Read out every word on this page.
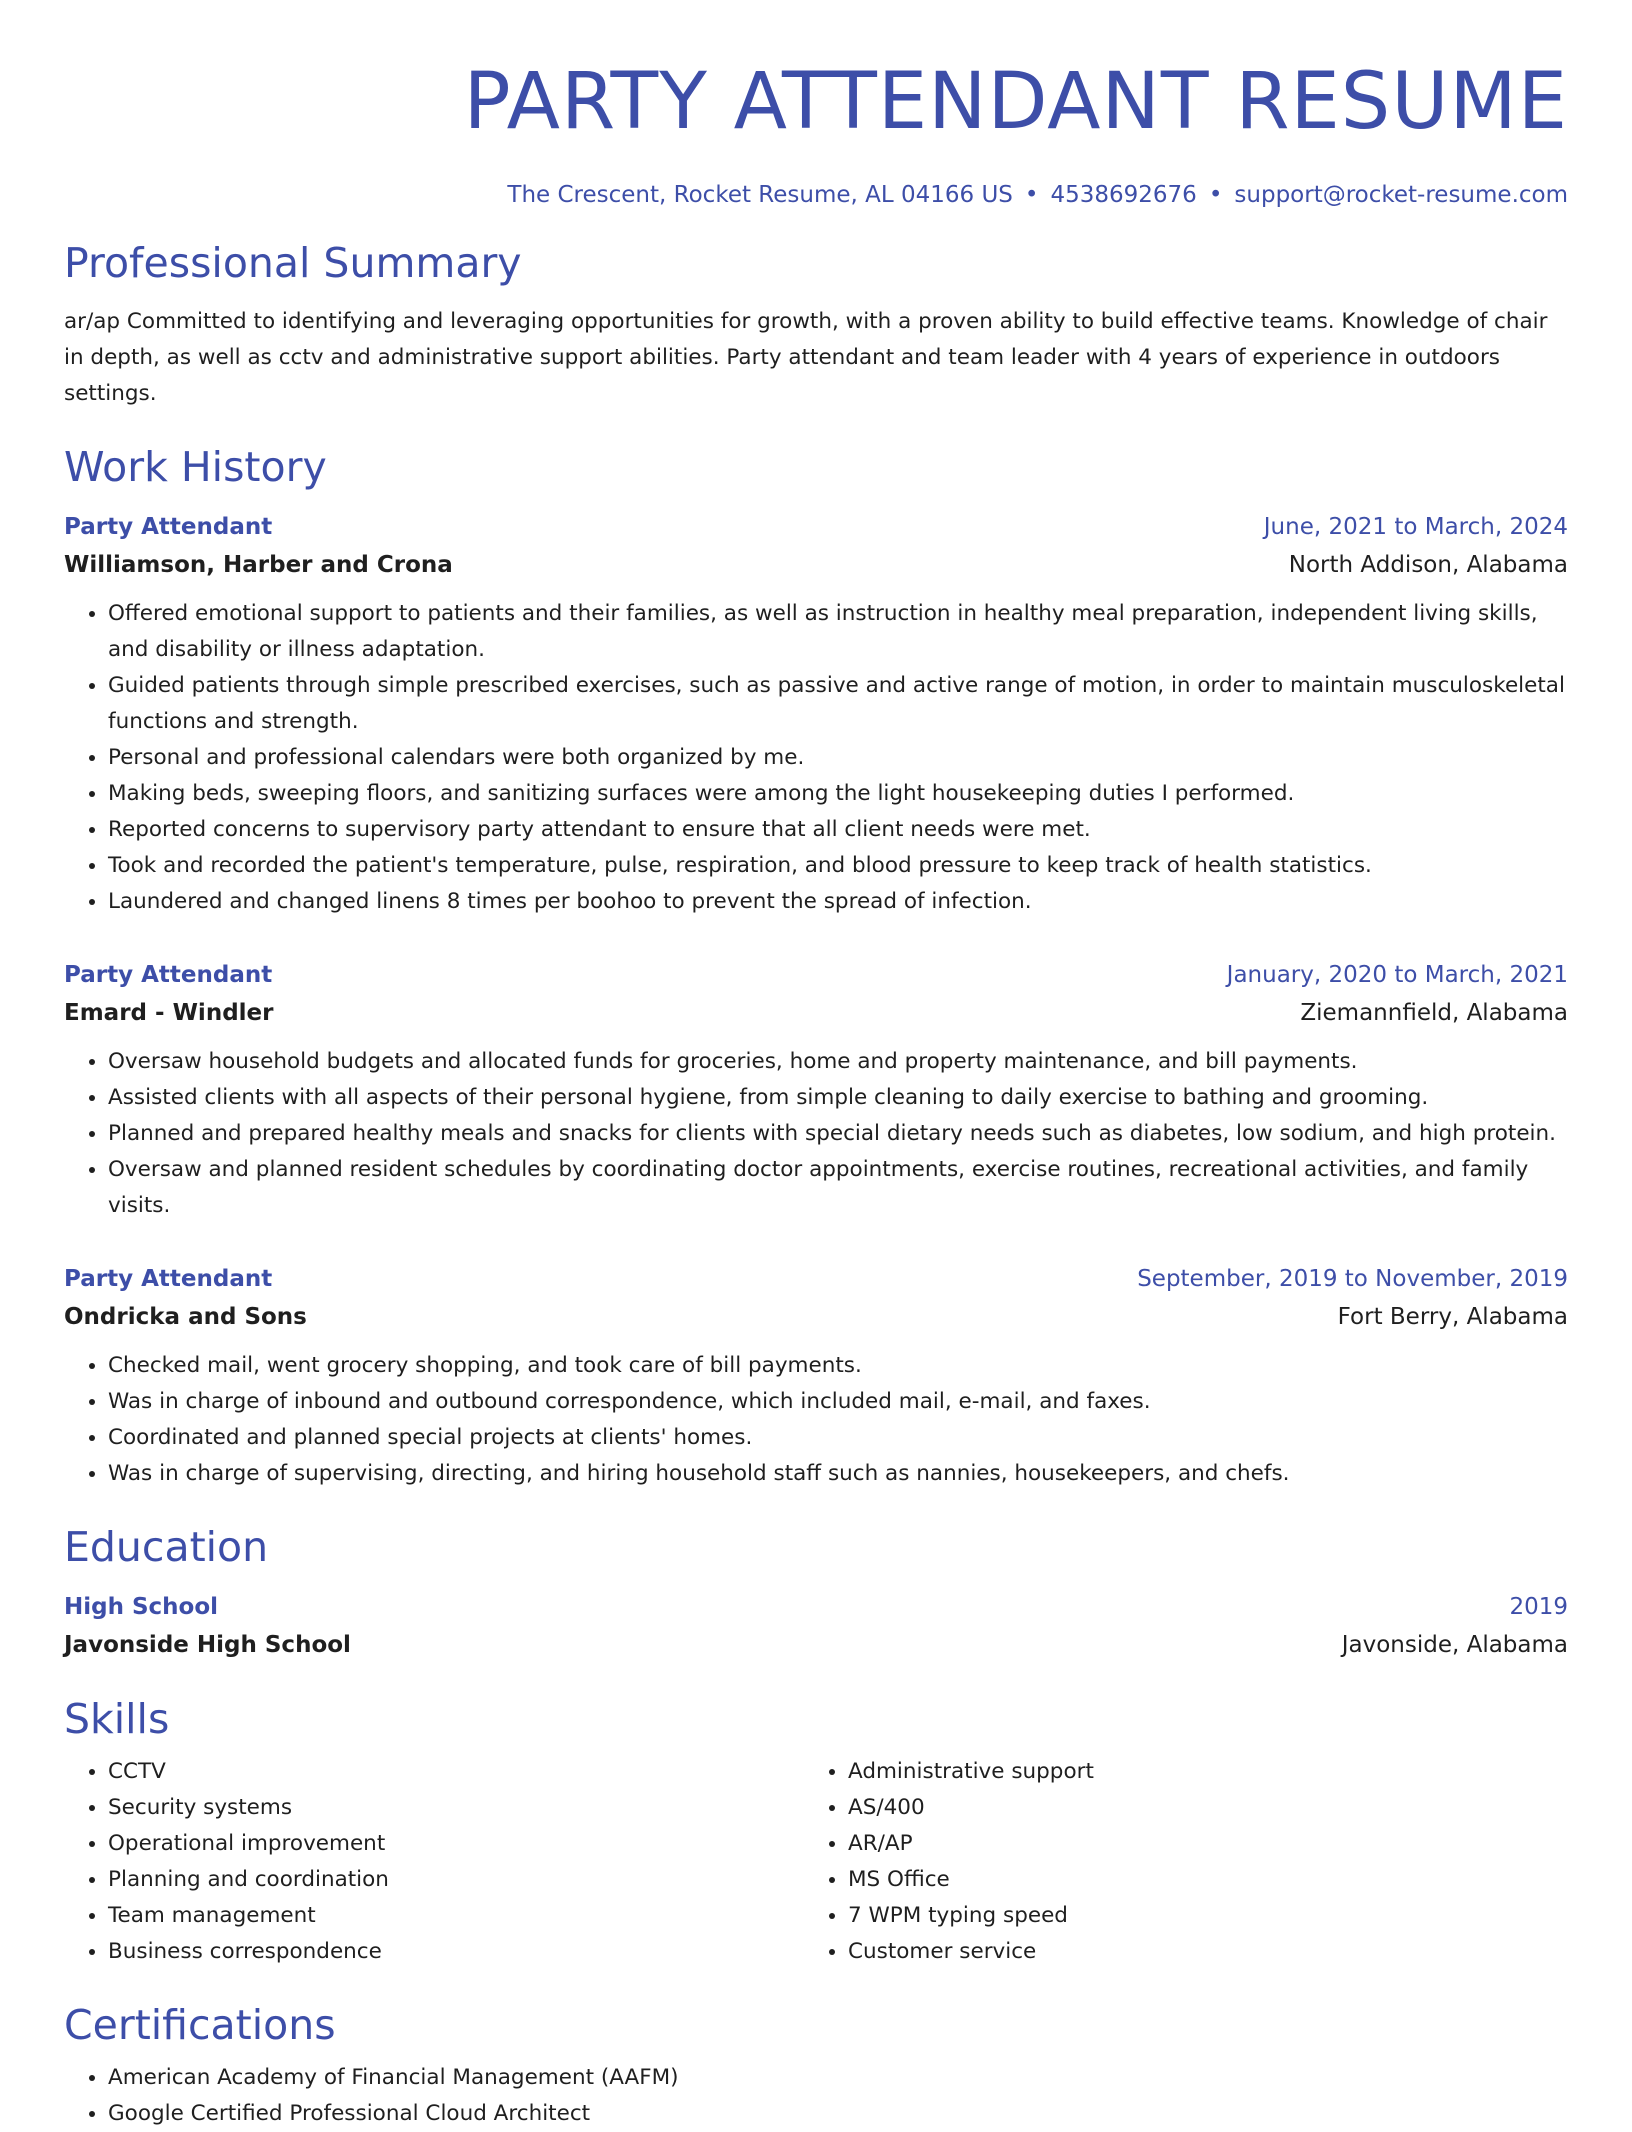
PARTY ATTENDANT RESUME
The Crescent, Rocket Resume, AL 04166 US • 4538692676 • support@rocket-resume.com
Professional Summary
ar/ap Committed to identifying and leveraging opportunities for growth, with a proven ability to build effective teams. Knowledge of chair in depth, as well as cctv and administrative support abilities. Party attendant and team leader with 4 years of experience in outdoors settings.
Work History
Party Attendant	June, 2021 to March, 2024
Williamson, Harber and Crona	North Addison, Alabama
• Offered emotional support to patients and their families, as well as instruction in healthy meal preparation, independent living skills, and disability or illness adaptation.
• Guided patients through simple prescribed exercises, such as passive and active range of motion, in order to maintain musculoskeletal functions and strength.
• Personal and professional calendars were both organized by me.
• Making beds, sweeping floors, and sanitizing surfaces were among the light housekeeping duties I performed.
• Reported concerns to supervisory party attendant to ensure that all client needs were met.
• Took and recorded the patient's temperature, pulse, respiration, and blood pressure to keep track of health statistics.
• Laundered and changed linens 8 times per boohoo to prevent the spread of infection.
Party Attendant	January, 2020 to March, 2021
Emard - Windler	Ziemannfield, Alabama
• Oversaw household budgets and allocated funds for groceries, home and property maintenance, and bill payments.
• Assisted clients with all aspects of their personal hygiene, from simple cleaning to daily exercise to bathing and grooming.
• Planned and prepared healthy meals and snacks for clients with special dietary needs such as diabetes, low sodium, and high protein.
• Oversaw and planned resident schedules by coordinating doctor appointments, exercise routines, recreational activities, and family visits.
Party Attendant	September, 2019 to November, 2019
Ondricka and Sons	Fort Berry, Alabama
• Checked mail, went grocery shopping, and took care of bill payments.
• Was in charge of inbound and outbound correspondence, which included mail, e-mail, and faxes.
• Coordinated and planned special projects at clients' homes.
• Was in charge of supervising, directing, and hiring household staff such as nannies, housekeepers, and chefs.
Education
High School	2019
Javonside High School	Javonside, Alabama
Skills
• CCTV
• Security systems
• Operational improvement
• Planning and coordination
• Team management
• Business correspondence
• Administrative support
• AS/400
• AR/AP
• MS Office
• 7 WPM typing speed
• Customer service
Certifications
• American Academy of Financial Management (AAFM)
• Google Certified Professional Cloud Architect
